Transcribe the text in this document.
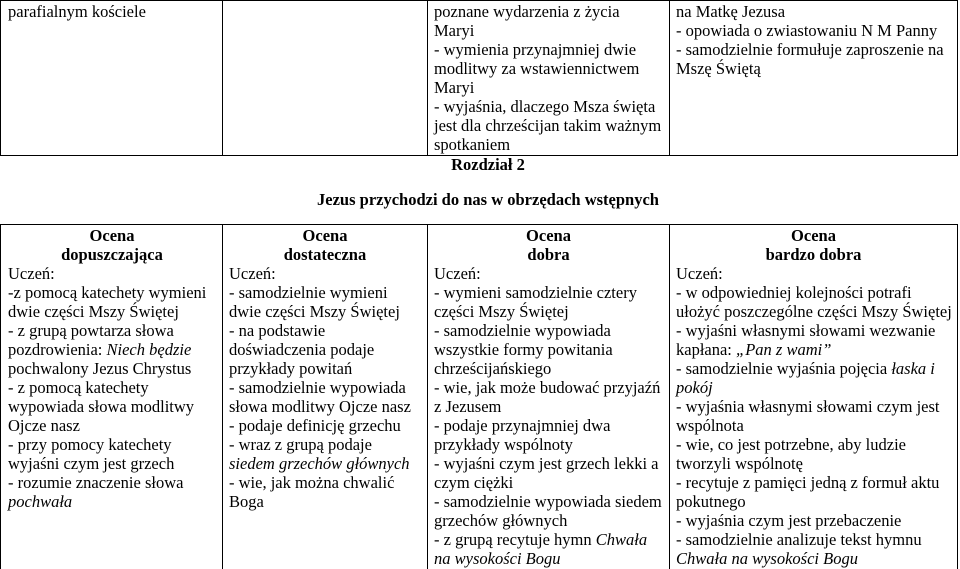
parafialnym kościele	poznane wydarzenia z życia
Maryi
- wymienia przynajmniej dwie
modlitwy za wstawiennictwem
Maryi
- wyjaśnia, dlaczego Msza święta
jest dla chrześcijan takim ważnym
spotkaniem
na Matkę Jezusa
- opowiada o zwiastowaniu N M Panny
- samodzielnie formułuje zaproszenie na
Mszę Świętą
Rozdział 2
Jezus przychodzi do nas w obrzędach wstępnych
Ocena
dopuszczająca
Uczeń:
-z pomocą katechety wymieni
dwie części Mszy Świętej
- z grupą powtarza słowa
pozdrowienia: Niech będzie
pochwalony Jezus Chrystus
- z pomocą katechety
wypowiada słowa modlitwy
Ojcze nasz
- przy pomocy katechety
wyjaśni czym jest grzech
- rozumie znaczenie słowa
pochwała
Ocena
dostateczna
Uczeń:
- samodzielnie wymieni
dwie części Mszy Świętej
- na podstawie
doświadczenia podaje
przykłady powitań
- samodzielnie wypowiada
słowa modlitwy Ojcze nasz
- podaje definicję grzechu
- wraz z grupą podaje
siedem grzechów głównych
- wie, jak można chwalić
Boga
Ocena
dobra
Uczeń:
- wymieni samodzielnie cztery
części Mszy Świętej
- samodzielnie wypowiada
wszystkie formy powitania
chrześcijańskiego
- wie, jak może budować przyjaźń
z Jezusem
- podaje przynajmniej dwa
przykłady wspólnoty
- wyjaśni czym jest grzech lekki a
czym ciężki
- samodzielnie wypowiada siedem
grzechów głównych
- z grupą recytuje hymn Chwała
na wysokości Bogu
Ocena
bardzo dobra
Uczeń:
- w odpowiedniej kolejności potrafi
ułożyć poszczególne części Mszy Świętej
- wyjaśni własnymi słowami wezwanie
kapłana: „Pan z wami”
- samodzielnie wyjaśnia pojęcia łaska i
pokój
- wyjaśnia własnymi słowami czym jest
wspólnota
- wie, co jest potrzebne, aby ludzie
tworzyli wspólnotę
- recytuje z pamięci jedną z formuł aktu
pokutnego
- wyjaśnia czym jest przebaczenie
- samodzielnie analizuje tekst hymnu
Chwała na wysokości Bogu
